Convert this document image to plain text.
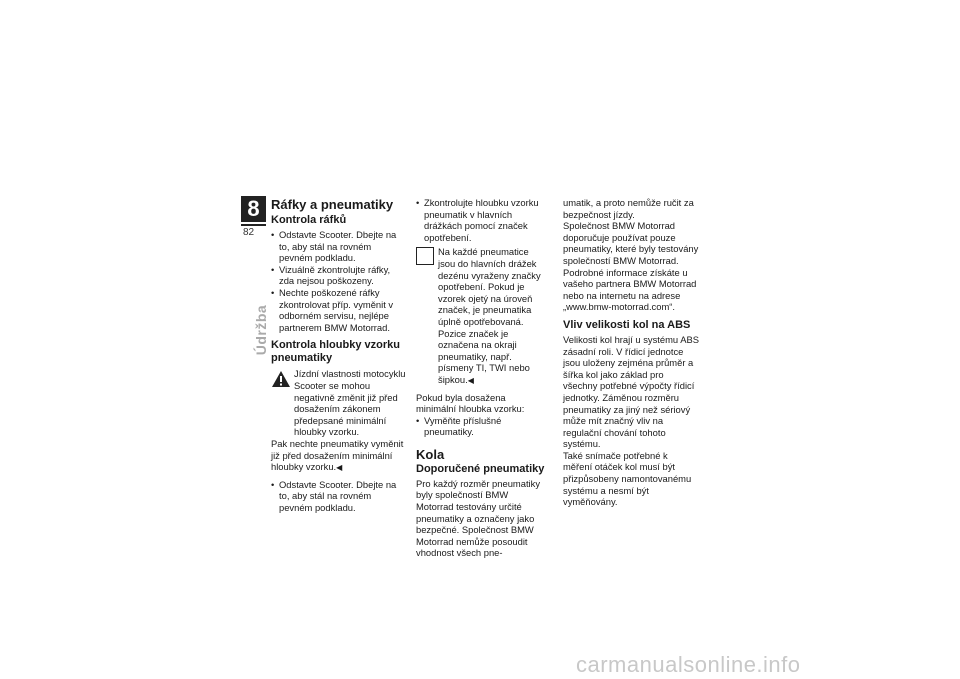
8
82
Údržba
Ráfky a pneumatiky
Kontrola ráfků
• Odstavte Scooter. Dbejte na to, aby stál na rovném pevném podkladu.
• Vizuálně zkontrolujte ráfky, zda nejsou poškozeny.
• Nechte poškozené ráfky zkontrolovat příp. vyměnit v odborném servisu, nejlépe partnerem BMW Motorrad.
Kontrola hloubky vzorku pneumatiky
Jízdní vlastnosti motocyklu Scooter se mohou negativně změnit již před dosažením zákonem předepsané minimální hloubky vzorku.

Pak nechte pneumatiky vyměnit již před dosažením minimální hloubky vzorku. ◀

• Odstavte Scooter. Dbejte na to, aby stál na rovném pevném podkladu.
• Zkontrolujte hloubku vzorku pneumatik v hlavních drážkách pomocí značek opotřebení.

Na každé pneumatice jsou do hlavních drážek dezénu vyraženy značky opotřebení. Pokud je vzorek ojetý na úroveň značek, je pneumatika úplně opotřebovaná. Pozice značek je označena na okraji pneumatiky, např. písmeny TI, TWI nebo šipkou. ◀

Pokud byla dosažena minimální hloubka vzorku:

• Vyměňte příslušné pneumatiky.
Kola
Doporučené pneumatiky

Pro každý rozměr pneumatiky byly společností BMW Motorrad testovány určité pneumatiky a označeny jako bezpečné. Společnost BMW Motorrad nemůže posoudit vhodnost všech pne-

umatik, a proto nemůže ručit za bezpečnost jízdy.

Společnost BMW Motorrad doporučuje používat pouze pneumatiky, které byly testovány společností BMW Motorrad.

Podrobné informace získáte u vašeho partnera BMW Motorrad nebo na internetu na adrese „www.bmw-motorrad.com“.

Vliv velikosti kol na ABS

Velikosti kol hrají u systému ABS zásadní roli. V řídicí jednotce jsou uloženy zejména průměr a šířka kol jako základ pro všechny potřebné výpočty řídicí jednotky. Záměnou rozměru pneumatiky za jiný než sériový může mít značný vliv na regulační chování tohoto systému.

Také snímače potřebné k měření otáček kol musí být přizpůsobeny namontovanému systému a nesmí být vyměňovány.

carmanualsonline.info
